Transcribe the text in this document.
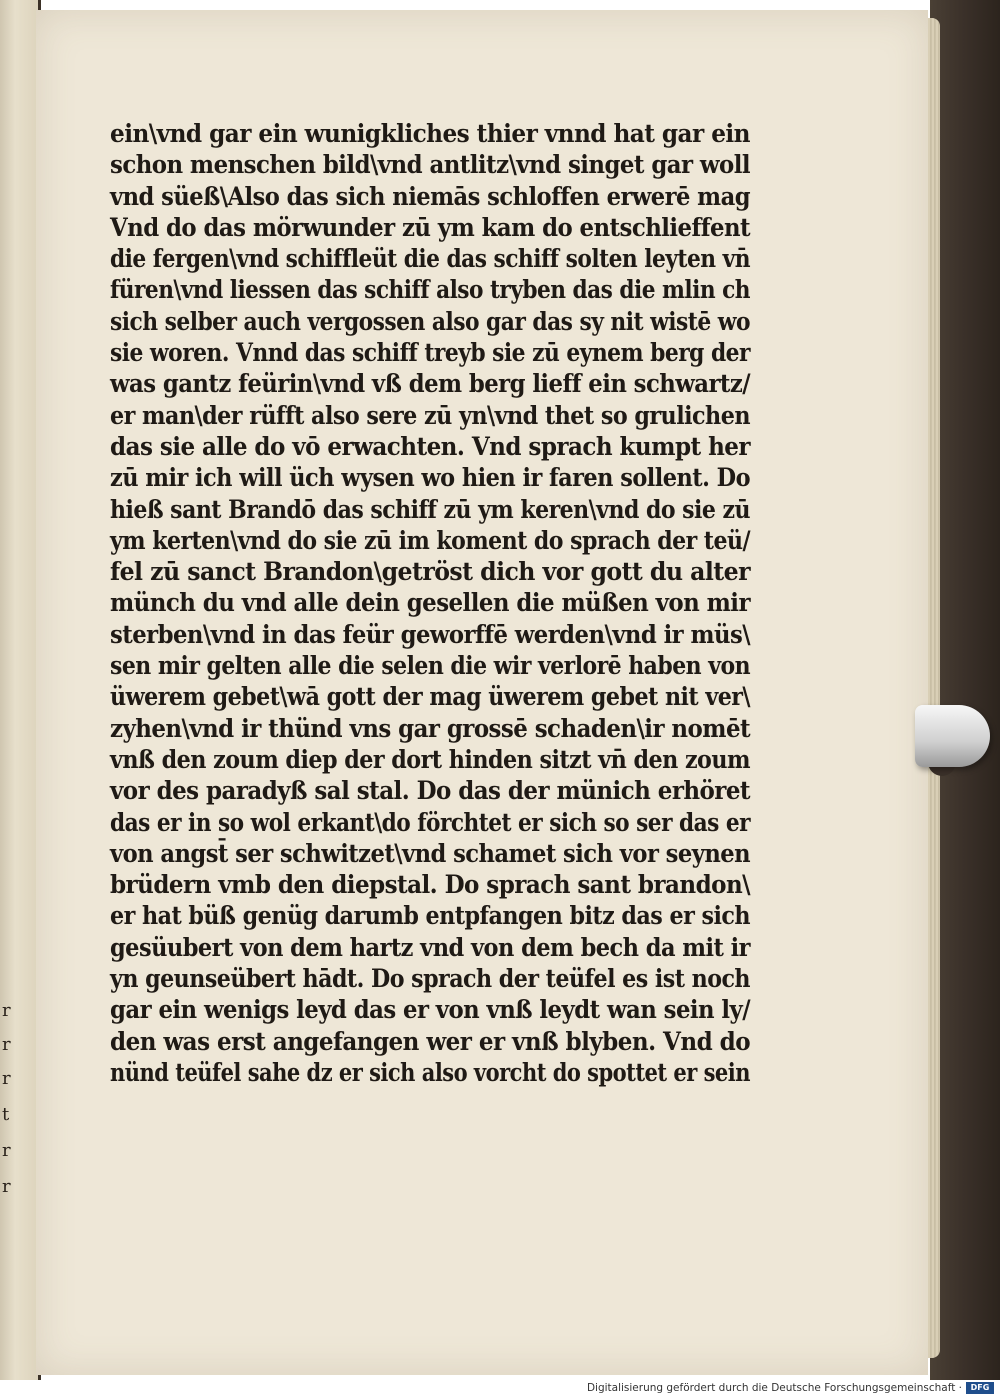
r
r
r
t
r
r
ein\vnd gar ein wunigkliches thier vnnd hat gar ein
schon menschen bild\vnd antlitz\vnd singet gar woll
vnd süeß\Also das sich niemās schloffen erwerē mag
Vnd do das mörwunder zū ym kam do entschlieffent
die fergen\vnd schiffleüt die das schiff solten leyten vn̄
füren\vnd liessen das schiff also tryben das die mlin ch
sich selber auch vergossen also gar das sy nit wistē wo
sie woren. Vnnd das schiff treyb sie zū eynem berg der
was gantz feürin\vnd vß dem berg lieff ein schwartz/
er man\der rüfft also sere zū yn\vnd thet so grulichen
das sie alle do vō erwachten. Vnd sprach kumpt her
zū mir ich will üch wysen wo hien ir faren sollent. Do
hieß sant Brandō das schiff zū ym keren\vnd do sie zū
ym kerten\vnd do sie zū im koment do sprach der teü/
fel zū sanct Brandon\getröst dich vor gott du alter
münch du vnd alle dein gesellen die müßen von mir
sterben\vnd in das feür geworffē werden\vnd ir müs\
sen mir gelten alle die selen die wir verlorē haben von
üwerem gebet\wā gott der mag üwerem gebet nit ver\
zyhen\vnd ir thünd vns gar grossē schaden\ir nomēt
vnß den zoum diep der dort hinden sitzt vn̄ den zoum
vor des paradyß sal stal. Do das der münich erhöret
das er in so wol erkant\do förchtet er sich so ser das er
von angst̄ ser schwitzet\vnd schamet sich vor seynen
brüdern vmb den diepstal. Do sprach sant brandon\
er hat büß genüg darumb entpfangen bitz das er sich
gesüubert von dem hartz vnd von dem bech da mit ir
yn geunseübert hādt. Do sprach der teüfel es ist noch
gar ein wenigs leyd das er von vnß leydt wan sein ly/
den was erst angefangen wer er vnß blyben. Vnd do
nünd teüfel sahe dz er sich also vorcht do spottet er sein
Digitalisierung gefördert durch die Deutsche Forschungsgemeinschaft ·	DFG
